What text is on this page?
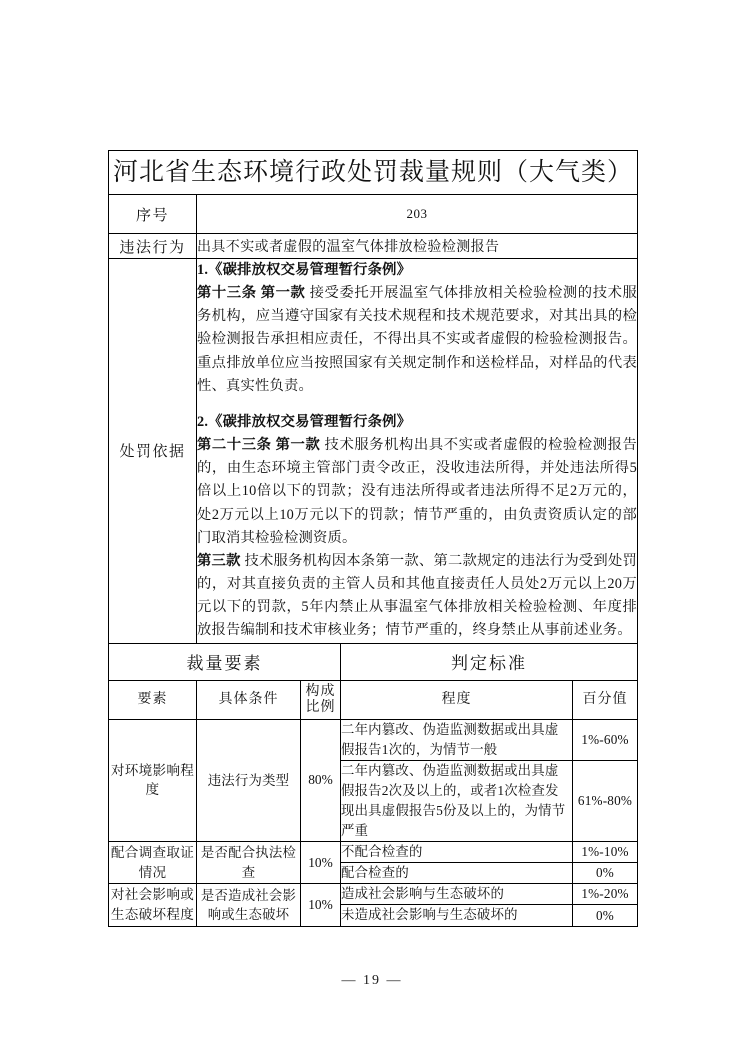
河北省生态环境行政处罚裁量规则（大气类）				
序号	203			
违法行为	出具不实或者虚假的温室气体排放检验检测报告			
处罚依据	1.《碳排放权交易管理暂行条例》

第十三条 第一款 接受委托开展温室气体排放相关检验检测的技术服务机构，应当遵守国家有关技术规程和技术规范要求，对其出具的检验检测报告承担相应责任，不得出具不实或者虚假的检验检测报告。重点排放单位应当按照国家有关规定制作和送检样品，对样品的代表性、真实性负责。

2.《碳排放权交易管理暂行条例》

第二十三条 第一款 技术服务机构出具不实或者虚假的检验检测报告的，由生态环境主管部门责令改正，没收违法所得，并处违法所得5倍以上10倍以下的罚款；没有违法所得或者违法所得不足2万元的，处2万元以上10万元以下的罚款；情节严重的，由负责资质认定的部门取消其检验检测资质。

第三款 技术服务机构因本条第一款、第二款规定的违法行为受到处罚的，对其直接负责的主管人员和其他直接责任人员处2万元以上20万元以下的罚款，5年内禁止从事温室气体排放相关检验检测、年度排放报告编制和技术审核业务；情节严重的，终身禁止从事前述业务。			

裁量要素			判定标准	
要素	具体条件	构成比例	程度	百分值
对环境影响程度	违法行为类型	80%	二年内篡改、伪造监测数据或出具虚假报告1次的，为情节一般	1%-60%
			二年内篡改、伪造监测数据或出具虚假报告2次及以上的，或者1次检查发现出具虚假报告5份及以上的，为情节严重	61%-80%
配合调查取证情况	是否配合执法检查	10%	不配合检查的	1%-10%
			配合检查的	0%
对社会影响或生态破坏程度	是否造成社会影响或生态破坏	10%	造成社会影响与生态破坏的	1%-20%
			未造成社会影响与生态破坏的	0%
— 19 —
